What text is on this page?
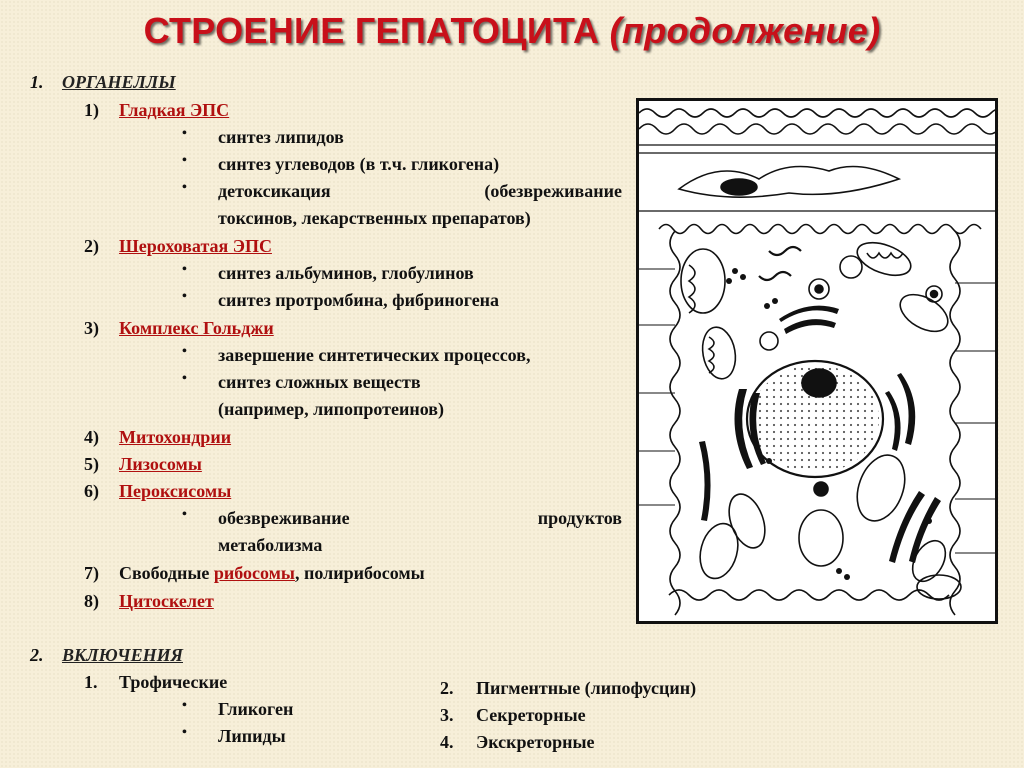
СТРОЕНИЕ ГЕПАТОЦИТА (продолжение)
1. ОРГАНЕЛЛЫ
1) Гладкая ЭПС
• синтез липидов
• синтез углеводов (в т.ч. гликогена)
• детоксикация	(обезвреживание
токсинов, лекарственных препаратов)
2) Шероховатая ЭПС
• синтез альбуминов, глобулинов
• синтез протромбина, фибриногена
3) Комплекс Гольджи
• завершение синтетических процессов,
• синтез сложных веществ
(например, липопротеинов)
4) Митохондрии
5) Лизосомы
6) Пероксисомы
• обезвреживание	продуктов
метаболизма
7) Свободные рибосомы, полирибосомы
8) Цитоскелет
2. ВКЛЮЧЕНИЯ
1. Трофические
• Гликоген
• Липиды
2. Пигментные (липофусцин)
3. Секреторные
4. Экскреторные
